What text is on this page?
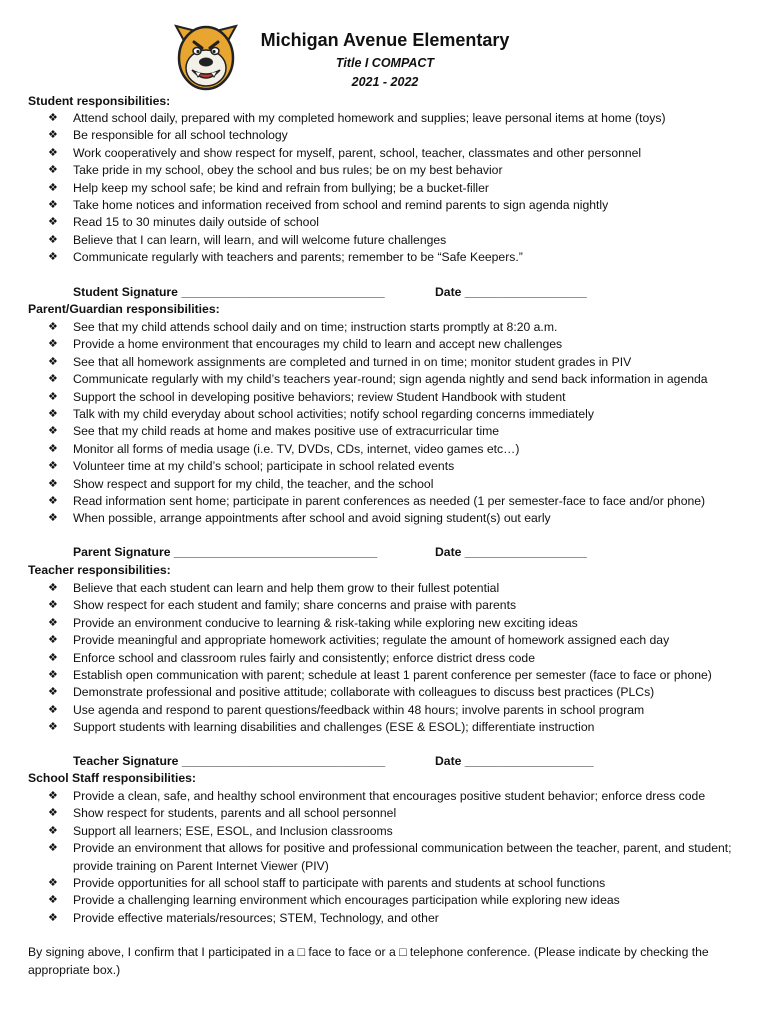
Michigan Avenue Elementary
Title I COMPACT
2021 - 2022
Student responsibilities:
❖ Attend school daily, prepared with my completed homework and supplies; leave personal items at home (toys)
❖ Be responsible for all school technology
❖ Work cooperatively and show respect for myself, parent, school, teacher, classmates and other personnel
❖ Take pride in my school, obey the school and bus rules; be on my best behavior
❖ Help keep my school safe; be kind and refrain from bullying; be a bucket-filler
❖ Take home notices and information received from school and remind parents to sign agenda nightly
❖ Read 15 to 30 minutes daily outside of school
❖ Believe that I can learn, will learn, and will welcome future challenges
❖ Communicate regularly with teachers and parents; remember to be “Safe Keepers.”
Student Signature ______________________________	Date __________________
Parent/Guardian responsibilities:
❖ See that my child attends school daily and on time; instruction starts promptly at 8:20 a.m.
❖ Provide a home environment that encourages my child to learn and accept new challenges
❖ See that all homework assignments are completed and turned in on time; monitor student grades in PIV
❖ Communicate regularly with my child’s teachers year-round; sign agenda nightly and send back information in agenda
❖ Support the school in developing positive behaviors; review Student Handbook with student
❖ Talk with my child everyday about school activities; notify school regarding concerns immediately
❖ See that my child reads at home and makes positive use of extracurricular time
❖ Monitor all forms of media usage (i.e. TV, DVDs, CDs, internet, video games etc…)
❖ Volunteer time at my child’s school; participate in school related events
❖ Show respect and support for my child, the teacher, and the school
❖ Read information sent home; participate in parent conferences as needed (1 per semester-face to face and/or phone)
❖ When possible, arrange appointments after school and avoid signing student(s) out early
Parent Signature ______________________________	Date __________________
Teacher responsibilities:
❖ Believe that each student can learn and help them grow to their fullest potential
❖ Show respect for each student and family; share concerns and praise with parents
❖ Provide an environment conducive to learning & risk-taking while exploring new exciting ideas
❖ Provide meaningful and appropriate homework activities; regulate the amount of homework assigned each day
❖ Enforce school and classroom rules fairly and consistently; enforce district dress code
❖ Establish open communication with parent; schedule at least 1 parent conference per semester (face to face or phone)
❖ Demonstrate professional and positive attitude; collaborate with colleagues to discuss best practices (PLCs)
❖ Use agenda and respond to parent questions/feedback within 48 hours; involve parents in school program
❖ Support students with learning disabilities and challenges (ESE & ESOL); differentiate instruction
Teacher Signature ______________________________	Date ___________________
School Staff responsibilities:
❖ Provide a clean, safe, and healthy school environment that encourages positive student behavior; enforce dress code
❖ Show respect for students, parents and all school personnel
❖ Support all learners; ESE, ESOL, and Inclusion classrooms
❖ Provide an environment that allows for positive and professional communication between the teacher, parent, and student; provide training on Parent Internet Viewer (PIV)
❖ Provide opportunities for all school staff to participate with parents and students at school functions
❖ Provide a challenging learning environment which encourages participation while exploring new ideas
❖ Provide effective materials/resources; STEM, Technology, and other
By signing above, I confirm that I participated in a □ face to face or a □ telephone conference. (Please indicate by checking the appropriate box.)
